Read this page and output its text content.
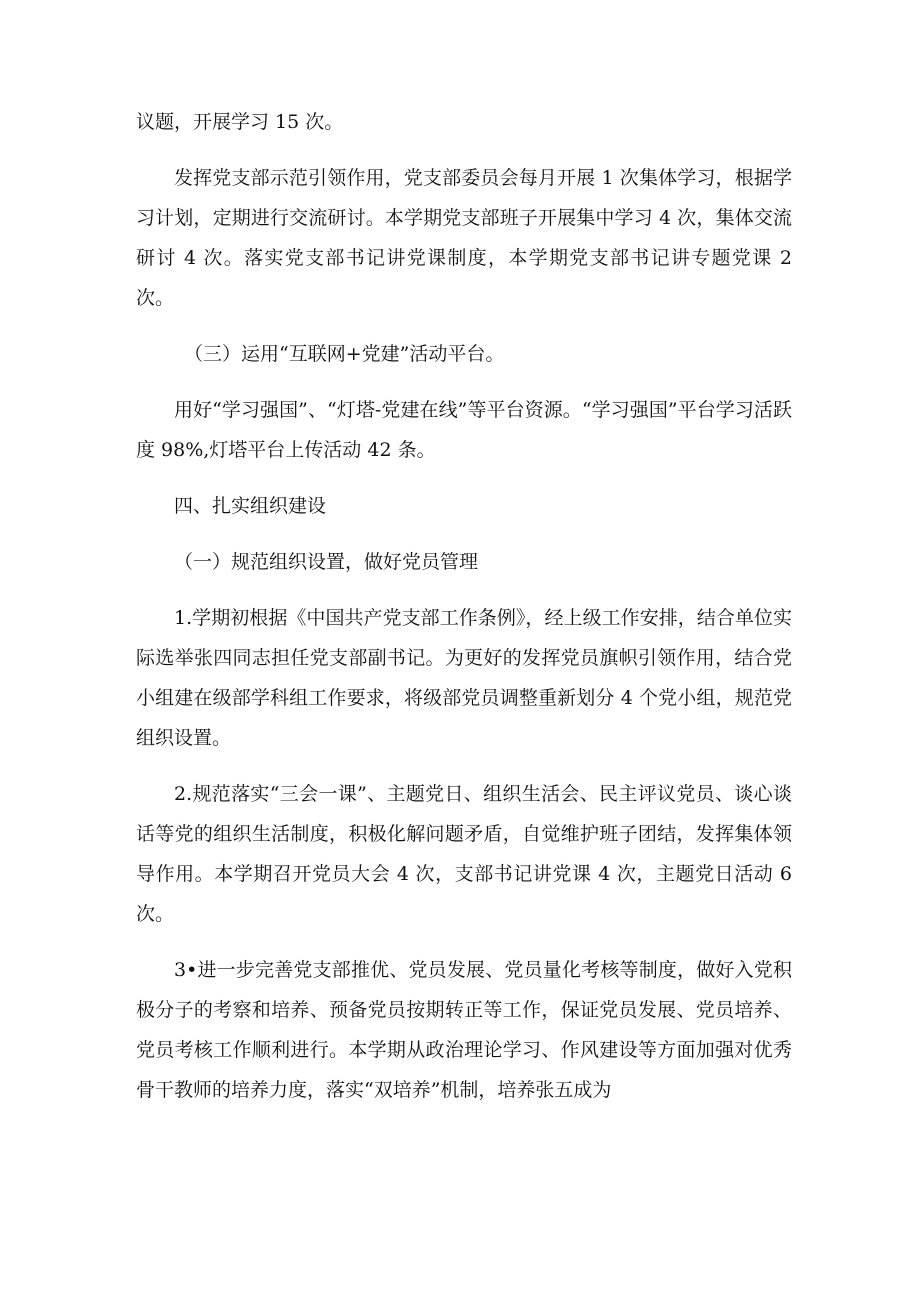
议题，开展学习 15 次。

发挥党支部示范引领作用，党支部委员会每月开展 1 次集体学习，根据学习计划，定期进行交流研讨。本学期党支部班子开展集中学习 4 次，集体交流研讨 4 次。落实党支部书记讲党课制度，本学期党支部书记讲专题党课 2 次。

（三）运用“互联网+党建”活动平台。

用好“学习强国”、“灯塔-党建在线”等平台资源。“学习强国”平台学习活跃度 98%,灯塔平台上传活动 42 条。

四、扎实组织建设

（一）规范组织设置，做好党员管理

1.学期初根据《中国共产党支部工作条例》，经上级工作安排，结合单位实际选举张四同志担任党支部副书记。为更好的发挥党员旗帜引领作用，结合党小组建在级部学科组工作要求，将级部党员调整重新划分 4 个党小组，规范党组织设置。

2.规范落实“三会一课”、主题党日、组织生活会、民主评议党员、谈心谈话等党的组织生活制度，积极化解问题矛盾，自觉维护班子团结，发挥集体领导作用。本学期召开党员大会 4 次，支部书记讲党课 4 次，主题党日活动 6 次。

3•进一步完善党支部推优、党员发展、党员量化考核等制度，做好入党积极分子的考察和培养、预备党员按期转正等工作，保证党员发展、党员培养、党员考核工作顺利进行。本学期从政治理论学习、作风建设等方面加强对优秀骨干教师的培养力度，落实“双培养”机制，培养张五成为
